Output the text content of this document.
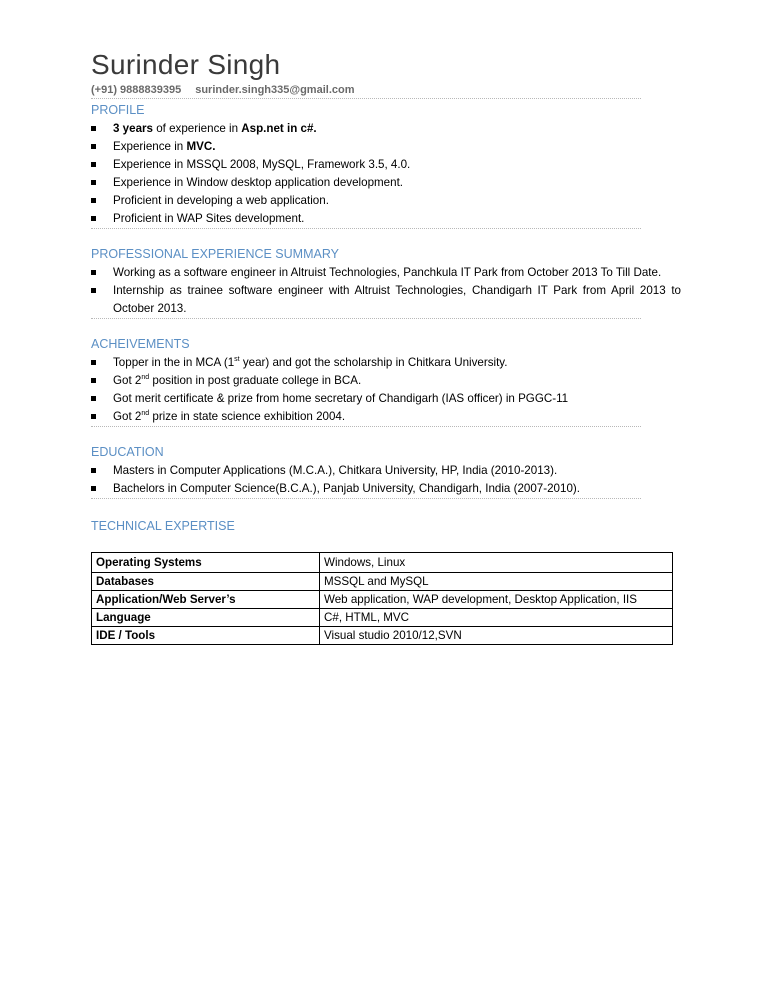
Surinder Singh
(+91) 9888839395 surinder.singh335@gmail.com
PROFILE
3 years of experience in Asp.net in c#.
Experience in MVC.
Experience in MSSQL 2008, MySQL, Framework 3.5, 4.0.
Experience in Window desktop application development.
Proficient in developing a web application.
Proficient in WAP Sites development.
PROFESSIONAL EXPERIENCE SUMMARY
Working as a software engineer in Altruist Technologies, Panchkula IT Park from October 2013 To Till Date.
Internship as trainee software engineer with Altruist Technologies, Chandigarh IT Park from April 2013 to October 2013.
ACHEIVEMENTS
Topper in the in MCA (1st year) and got the scholarship in Chitkara University.
Got 2nd position in post graduate college in BCA.
Got merit certificate & prize from home secretary of Chandigarh (IAS officer) in PGGC-11
Got 2nd prize in state science exhibition 2004.
EDUCATION
Masters in Computer Applications (M.C.A.), Chitkara University, HP, India (2010-2013).
Bachelors in Computer Science(B.C.A.), Panjab University, Chandigarh, India (2007-2010).
TECHNICAL EXPERTISE
Operating Systems	Windows, Linux
Databases	MSSQL and MySQL
Application/Web Server’s	Web application, WAP development, Desktop Application, IIS
Language	C#, HTML, MVC
IDE / Tools	Visual studio 2010/12,SVN
